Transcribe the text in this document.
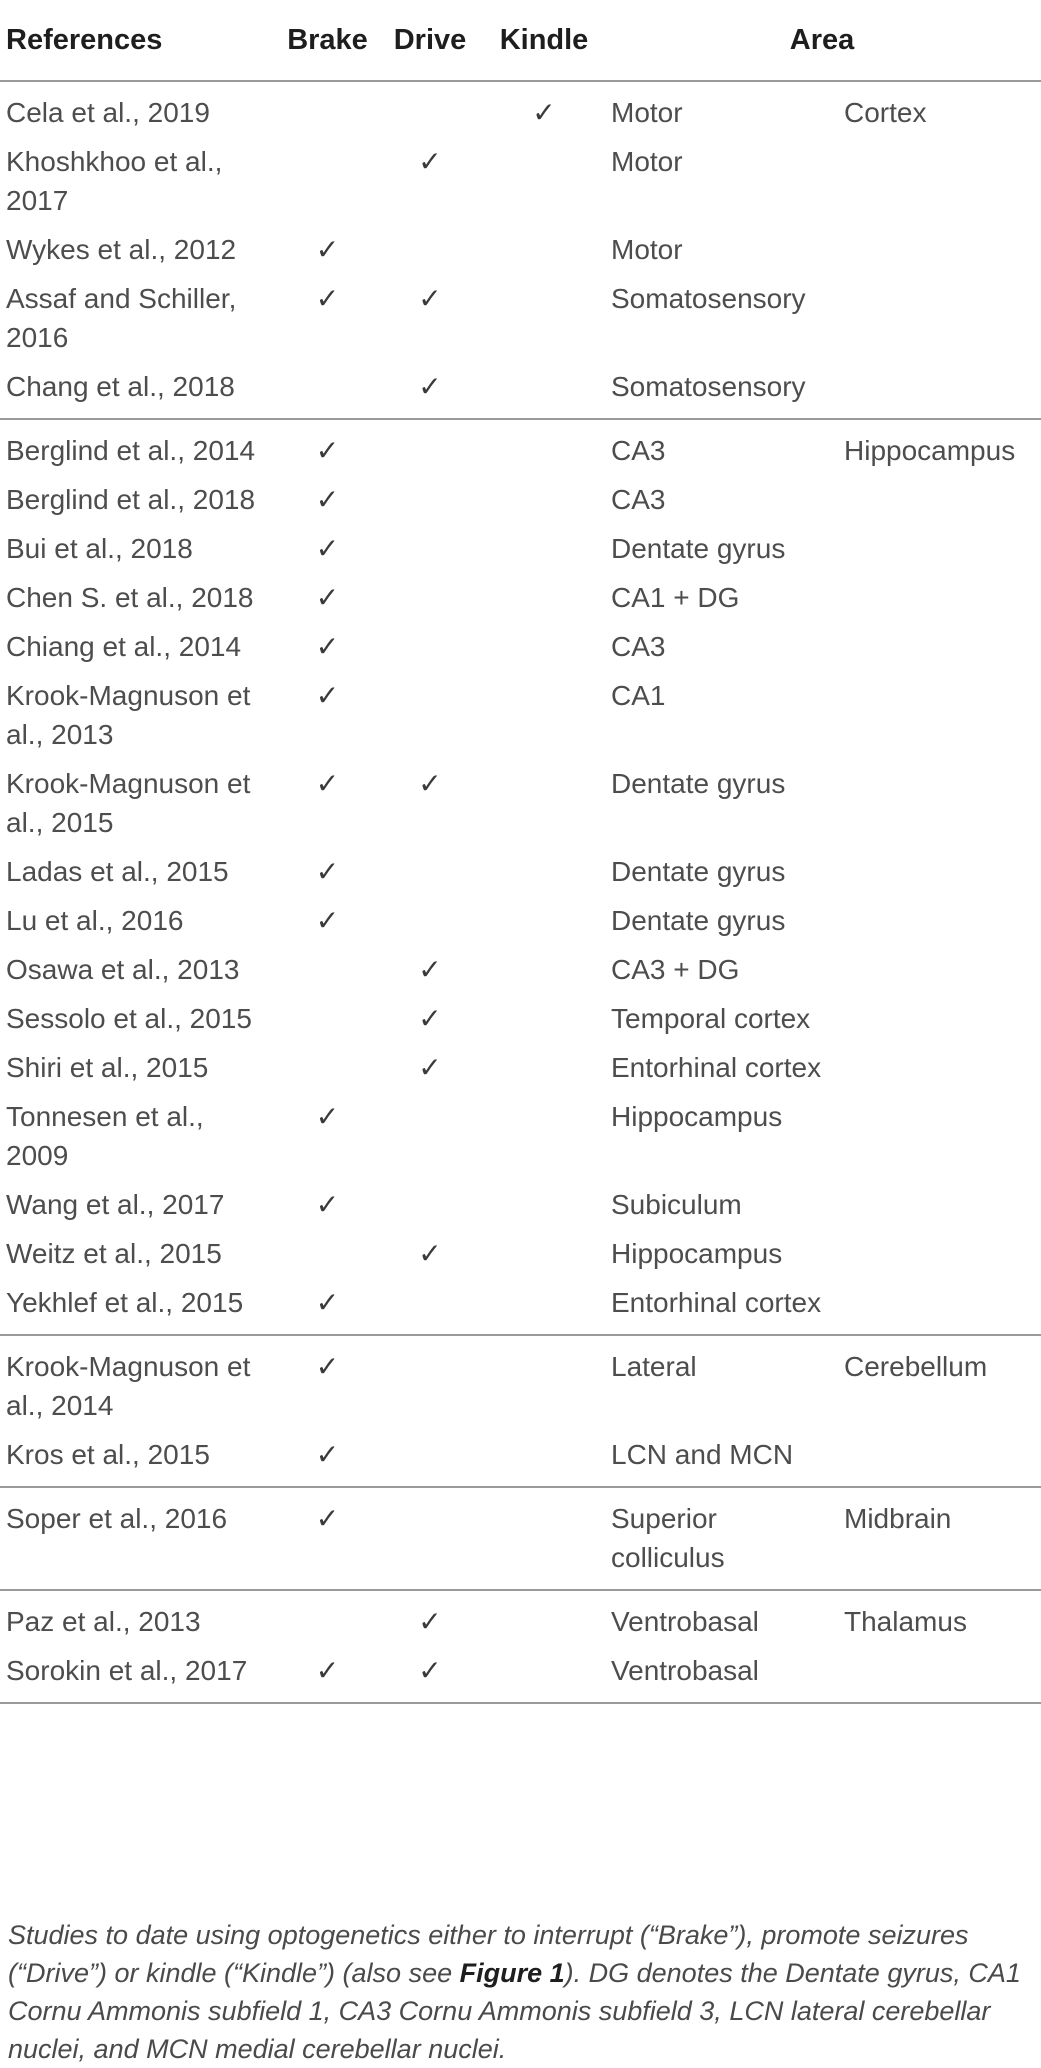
References	Brake	Drive	Kindle	Area	
Cela et al., 2019			✓	Motor	Cortex
Khoshkhoo et al., 2017		✓		Motor	
Wykes et al., 2012	✓			Motor	
Assaf and Schiller, 2016	✓	✓		Somatosensory	
Chang et al., 2018		✓		Somatosensory	
Berglind et al., 2014	✓			CA3	Hippocampus
Berglind et al., 2018	✓			CA3	
Bui et al., 2018	✓			Dentate gyrus	
Chen S. et al., 2018	✓			CA1 + DG	
Chiang et al., 2014	✓			CA3	
Krook-Magnuson et al., 2013	✓			CA1	
Krook-Magnuson et al., 2015	✓	✓		Dentate gyrus	
Ladas et al., 2015	✓			Dentate gyrus	
Lu et al., 2016	✓			Dentate gyrus	
Osawa et al., 2013		✓		CA3 + DG	
Sessolo et al., 2015		✓		Temporal cortex	
Shiri et al., 2015		✓		Entorhinal cortex	
Tonnesen et al., 2009	✓			Hippocampus	
Wang et al., 2017	✓			Subiculum	
Weitz et al., 2015		✓		Hippocampus	
Yekhlef et al., 2015	✓			Entorhinal cortex	
Krook-Magnuson et al., 2014	✓			Lateral	Cerebellum
Kros et al., 2015	✓			LCN and MCN	
Soper et al., 2016	✓			Superior colliculus	Midbrain
Paz et al., 2013		✓		Ventrobasal	Thalamus
Sorokin et al., 2017	✓	✓		Ventrobasal	

Studies to date using optogenetics either to interrupt (“Brake”), promote seizures (“Drive”) or kindle (“Kindle”) (also see Figure 1). DG denotes the Dentate gyrus, CA1 Cornu Ammonis subfield 1, CA3 Cornu Ammonis subfield 3, LCN lateral cerebellar nuclei, and MCN medial cerebellar nuclei.
